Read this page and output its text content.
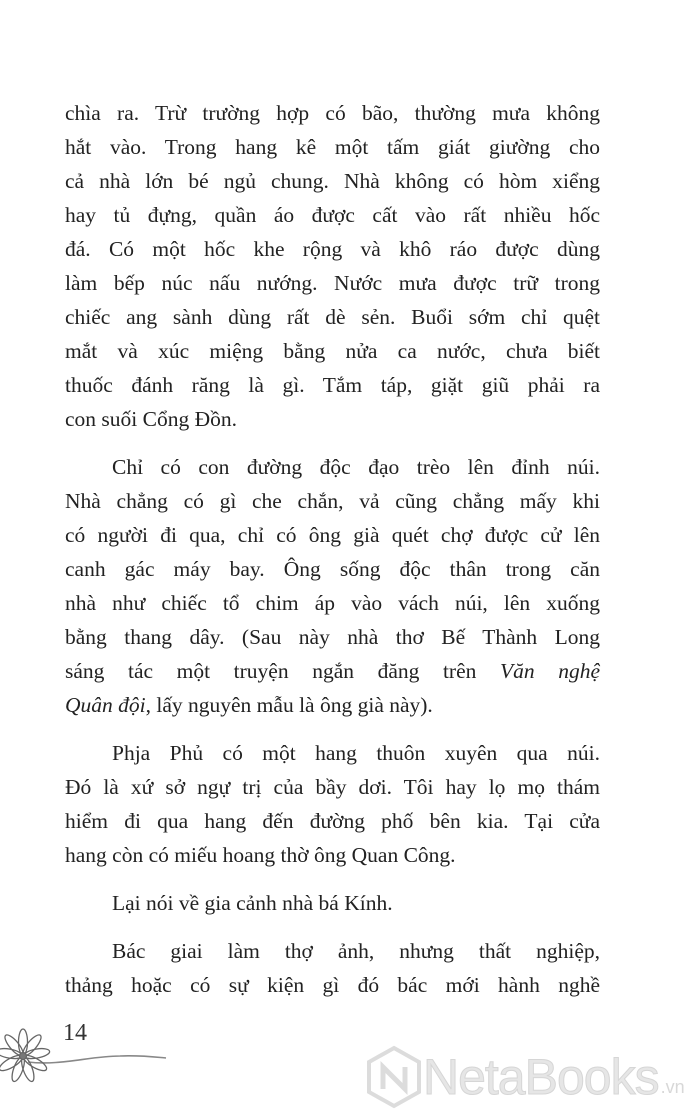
chìa ra. Trừ trường hợp có bão, thường mưa không
hắt vào. Trong hang kê một tấm giát giường cho
cả nhà lớn bé ngủ chung. Nhà không có hòm xiểng
hay tủ đựng, quần áo được cất vào rất nhiều hốc
đá. Có một hốc khe rộng và khô ráo được dùng
làm bếp núc nấu nướng. Nước mưa được trữ trong
chiếc ang sành dùng rất dè sẻn. Buổi sớm chỉ quệt
mắt và xúc miệng bằng nửa ca nước, chưa biết
thuốc đánh răng là gì. Tắm táp, giặt giũ phải ra
con suối Cổng Đồn.
Chỉ có con đường độc đạo trèo lên đỉnh núi.
Nhà chẳng có gì che chắn, vả cũng chẳng mấy khi
có người đi qua, chỉ có ông già quét chợ được cử lên
canh gác máy bay. Ông sống độc thân trong căn
nhà như chiếc tổ chim áp vào vách núi, lên xuống
bằng thang dây. (Sau này nhà thơ Bế Thành Long
sáng tác một truyện ngắn đăng trên Văn nghệ
Quân đội, lấy nguyên mẫu là ông già này).
Phja Phủ có một hang thuôn xuyên qua núi.
Đó là xứ sở ngự trị của bầy dơi. Tôi hay lọ mọ thám
hiểm đi qua hang đến đường phố bên kia. Tại cửa
hang còn có miếu hoang thờ ông Quan Công.
Lại nói về gia cảnh nhà bá Kính.
Bác giai làm thợ ảnh, nhưng thất nghiệp,
thảng hoặc có sự kiện gì đó bác mới hành nghề
14
NetaBooks .vn
